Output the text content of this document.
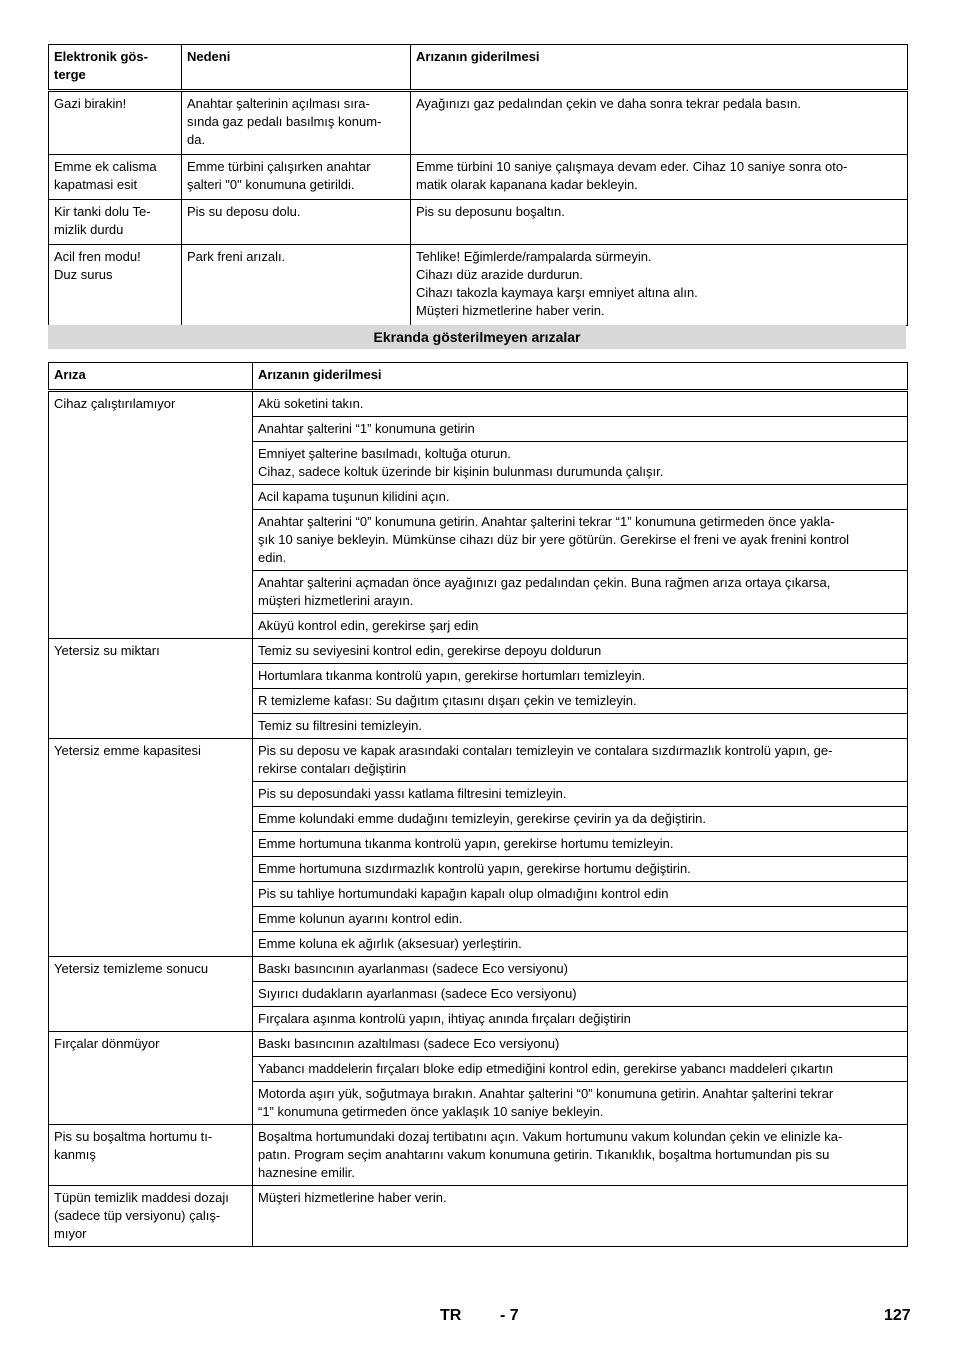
Elektronik gös-
terge	Nedeni	Arızanın giderilmesi
Gazi birakin!	Anahtar şalterinin açılması sıra-
sında gaz pedalı basılmış konum-
da.	Ayağınızı gaz pedalından çekin ve daha sonra tekrar pedala basın.
Emme ek calisma
kapatmasi esit	Emme türbini çalışırken anahtar
şalteri "0" konumuna getirildi.	Emme türbini 10 saniye çalışmaya devam eder. Cihaz 10 saniye sonra oto-
matik olarak kapanana kadar bekleyin.
Kir tanki dolu Te-
mizlik durdu	Pis su deposu dolu.	Pis su deposunu boşaltın.
Acil fren modu!
Duz surus	Park freni arızalı.	Tehlike! Eğimlerde/rampalarda sürmeyin.
Cihazı düz arazide durdurun.
Cihazı takozla kaymaya karşı emniyet altına alın.
Müşteri hizmetlerine haber verin.
Ekranda gösterilmeyen arızalar
Arıza	Arızanın giderilmesi
Cihaz çalıştırılamıyor	Akü soketini takın.
	Anahtar şalterini “1” konumuna getirin
	Emniyet şalterine basılmadı, koltuğa oturun.
Cihaz, sadece koltuk üzerinde bir kişinin bulunması durumunda çalışır.
	Acil kapama tuşunun kilidini açın.
	Anahtar şalterini “0” konumuna getirin. Anahtar şalterini tekrar “1” konumuna getirmeden önce yakla-
şık 10 saniye bekleyin. Mümkünse cihazı düz bir yere götürün. Gerekirse el freni ve ayak frenini kontrol
edin.
	Anahtar şalterini açmadan önce ayağınızı gaz pedalından çekin. Buna rağmen arıza ortaya çıkarsa,
müşteri hizmetlerini arayın.
	Aküyü kontrol edin, gerekirse şarj edin
Yetersiz su miktarı	Temiz su seviyesini kontrol edin, gerekirse depoyu doldurun
	Hortumlara tıkanma kontrolü yapın, gerekirse hortumları temizleyin.
	R temizleme kafası: Su dağıtım çıtasını dışarı çekin ve temizleyin.
	Temiz su filtresini temizleyin.
Yetersiz emme kapasitesi	Pis su deposu ve kapak arasındaki contaları temizleyin ve contalara sızdırmazlık kontrolü yapın, ge-
rekirse contaları değiştirin
	Pis su deposundaki yassı katlama filtresini temizleyin.
	Emme kolundaki emme dudağını temizleyin, gerekirse çevirin ya da değiştirin.
	Emme hortumuna tıkanma kontrolü yapın, gerekirse hortumu temizleyin.
	Emme hortumuna sızdırmazlık kontrolü yapın, gerekirse hortumu değiştirin.
	Pis su tahliye hortumundaki kapağın kapalı olup olmadığını kontrol edin
	Emme kolunun ayarını kontrol edin.
	Emme koluna ek ağırlık (aksesuar) yerleştirin.
Yetersiz temizleme sonucu	Baskı basıncının ayarlanması (sadece Eco versiyonu)
	Sıyırıcı dudakların ayarlanması (sadece Eco versiyonu)
	Fırçalara aşınma kontrolü yapın, ihtiyaç anında fırçaları değiştirin
Fırçalar dönmüyor	Baskı basıncının azaltılması (sadece Eco versiyonu)
	Yabancı maddelerin fırçaları bloke edip etmediğini kontrol edin, gerekirse yabancı maddeleri çıkartın
	Motorda aşırı yük, soğutmaya bırakın. Anahtar şalterini “0” konumuna getirin. Anahtar şalterini tekrar
“1” konumuna getirmeden önce yaklaşık 10 saniye bekleyin.
Pis su boşaltma hortumu tı-
kanmış	Boşaltma hortumundaki dozaj tertibatını açın. Vakum hortumunu vakum kolundan çekin ve elinizle ka-
patın. Program seçim anahtarını vakum konumuna getirin. Tıkanıklık, boşaltma hortumundan pis su
haznesine emilir.
Tüpün temizlik maddesi dozajı
(sadece tüp versiyonu) çalış-
mıyor	Müşteri hizmetlerine haber verin.
TR - 7	127
